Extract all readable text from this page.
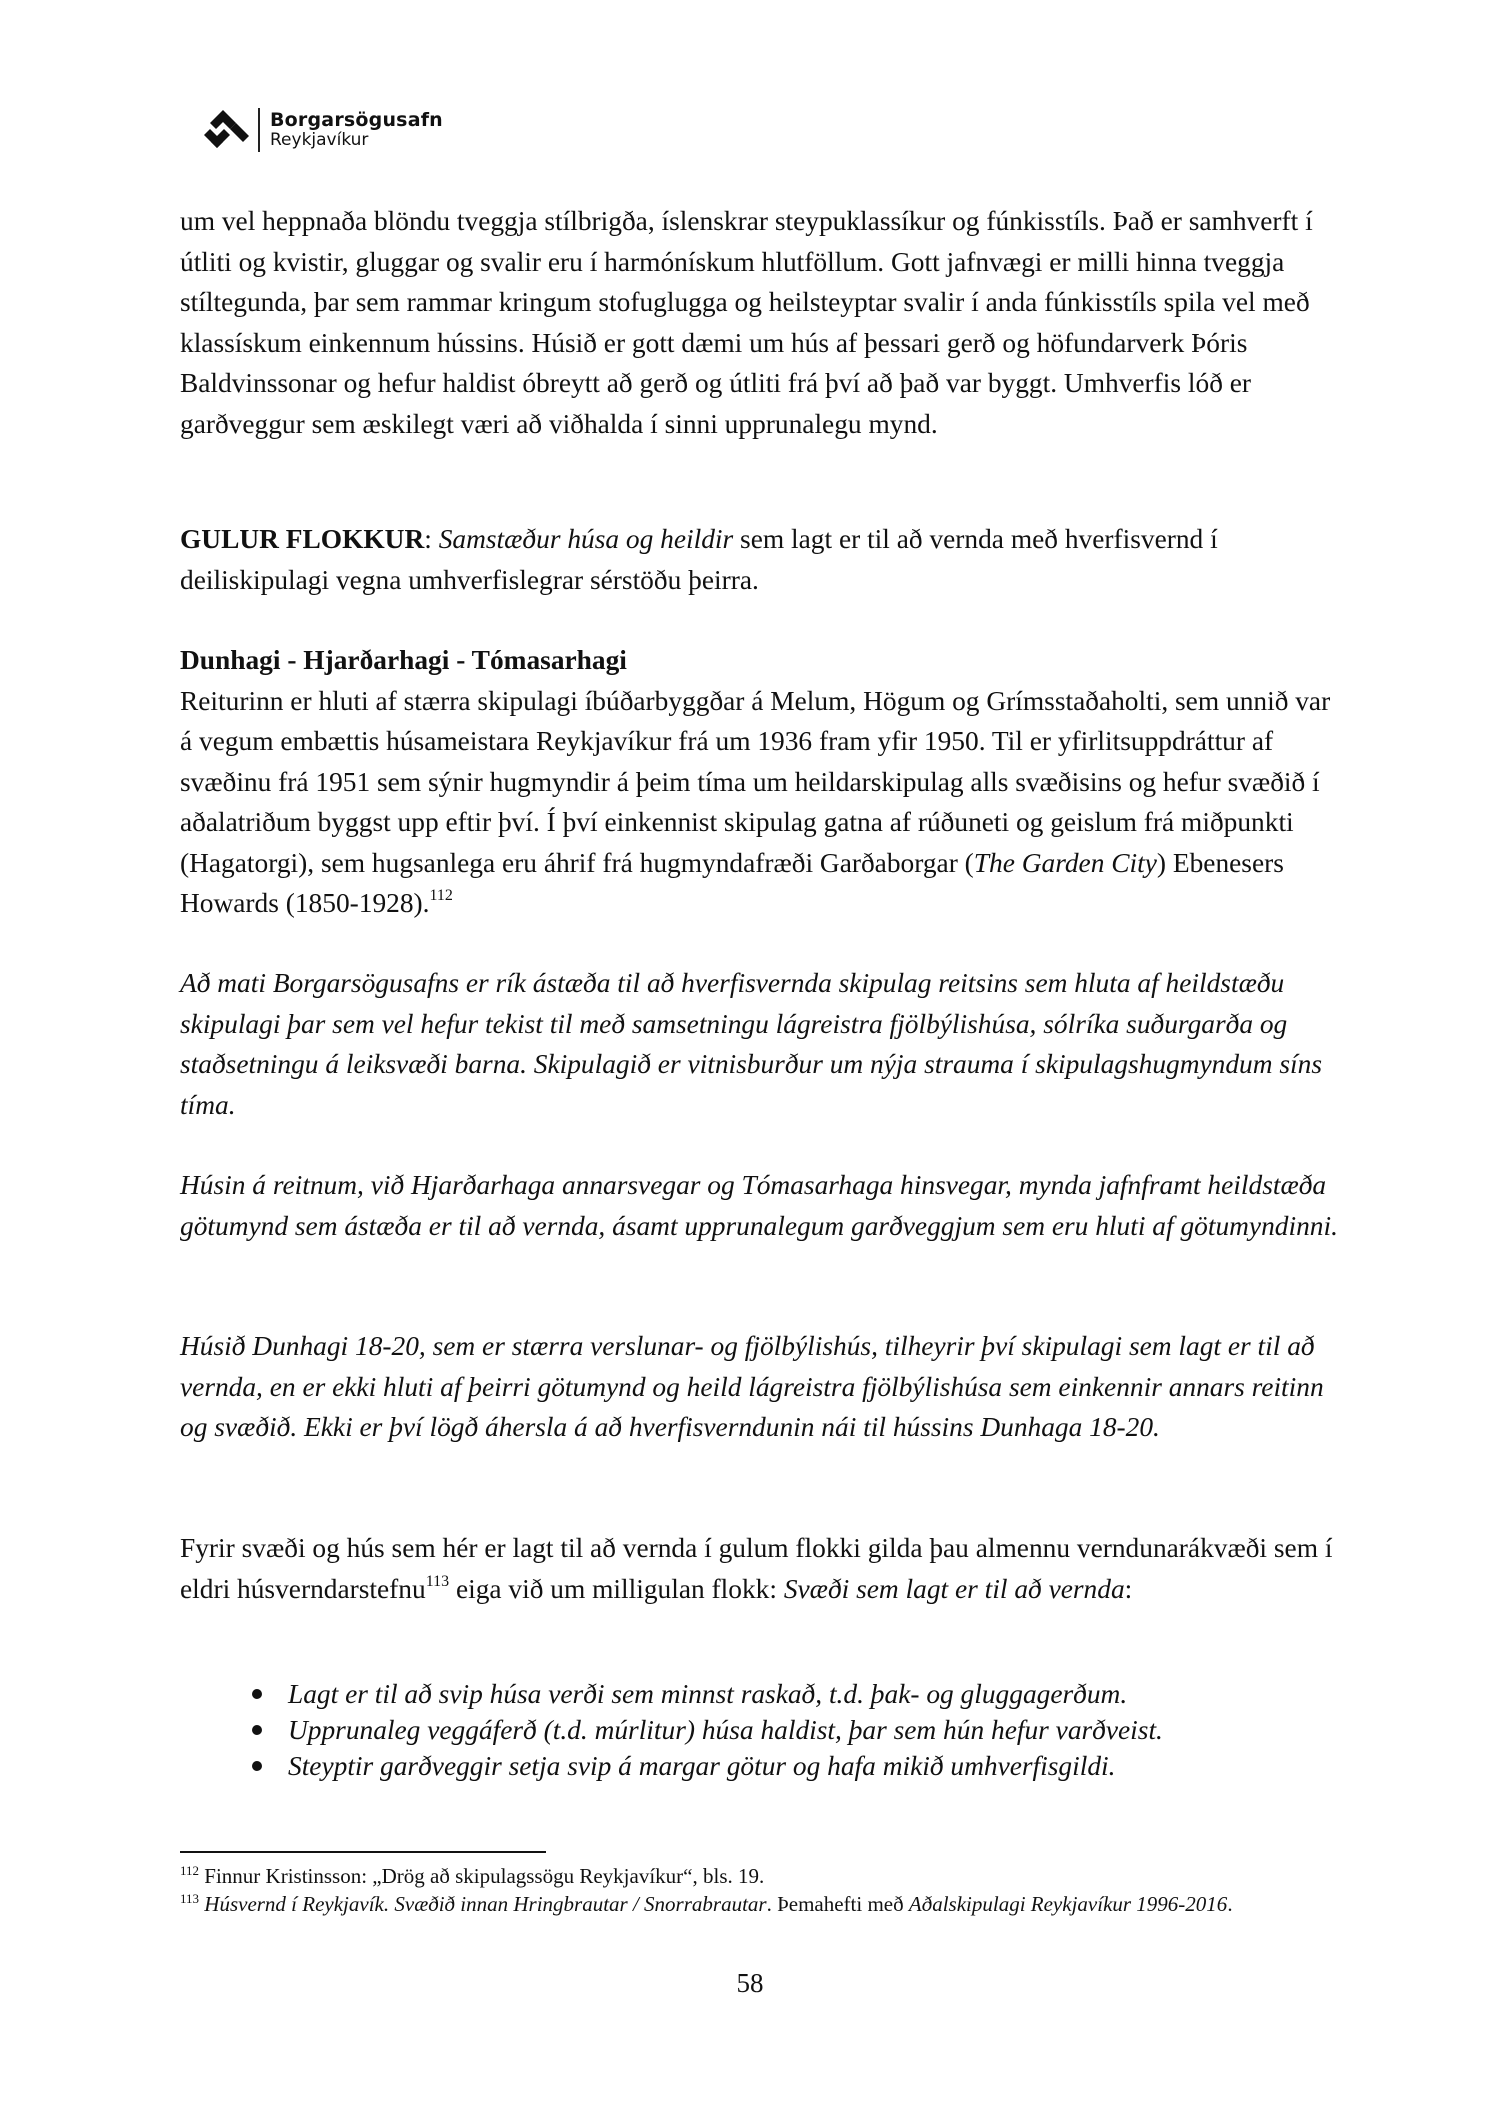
Borgarsögusafn
Reykjavíkur

um vel heppnaða blöndu tveggja stílbrigða, íslenskrar steypuklassíkur og fúnkisstíls. Það er samhverft í útliti og kvistir, gluggar og svalir eru í harmónískum hlutföllum. Gott jafnvægi er milli hinna tveggja stíltegunda, þar sem rammar kringum stofuglugga og heilsteyptar svalir í anda fúnkisstíls spila vel með klassískum einkennum hússins. Húsið er gott dæmi um hús af þessari gerð og höfundarverk Þóris Baldvinssonar og hefur haldist óbreytt að gerð og útliti frá því að það var byggt. Umhverfis lóð er garðveggur sem æskilegt væri að viðhalda í sinni upprunalegu mynd.

GULUR FLOKKUR: Samstæður húsa og heildir sem lagt er til að vernda með hverfisvernd í deiliskipulagi vegna umhverfislegrar sérstöðu þeirra.

Dunhagi - Hjarðarhagi - Tómasarhagi

Reiturinn er hluti af stærra skipulagi íbúðarbyggðar á Melum, Högum og Grímsstaðaholti, sem unnið var á vegum embættis húsameistara Reykjavíkur frá um 1936 fram yfir 1950. Til er yfirlitsuppdráttur af svæðinu frá 1951 sem sýnir hugmyndir á þeim tíma um heildarskipulag alls svæðisins og hefur svæðið í aðalatriðum byggst upp eftir því. Í því einkennist skipulag gatna af rúðuneti og geislum frá miðpunkti (Hagatorgi), sem hugsanlega eru áhrif frá hugmyndafræði Garðaborgar (The Garden City) Ebenesers Howards (1850-1928).$^{112}$

Að mati Borgarsögusafns er rík ástæða til að hverfisvernda skipulag reitsins sem hluta af heildstæðu skipulagi þar sem vel hefur tekist til með samsetningu lágreistra fjölbýlishúsa, sólríka suðurgarða og staðsetningu á leiksvæði barna. Skipulagið er vitnisburður um nýja strauma í skipulagshugmyndum síns tíma.

Húsin á reitnum, við Hjarðarhaga annarsvegar og Tómasarhaga hinsvegar, mynda jafnframt heildstæða götumynd sem ástæða er til að vernda, ásamt upprunalegum garðveggjum sem eru hluti af götumyndinni.

Húsið Dunhagi 18-20, sem er stærra verslunar- og fjölbýlishús, tilheyrir því skipulagi sem lagt er til að vernda, en er ekki hluti af þeirri götumynd og heild lágreistra fjölbýlishúsa sem einkennir annars reitinn og svæðið. Ekki er því lögð áhersla á að hverfisverndunin nái til hússins Dunhaga 18-20.

Fyrir svæði og hús sem hér er lagt til að vernda í gulum flokki gilda þau almennu verndunarákvæði sem í eldri húsverndarstefnu$^{113}$ eiga við um milligulan flokk: Svæði sem lagt er til að vernda:

Lagt er til að svip húsa verði sem minnst raskað, t.d. þak- og gluggagerðum.
Upprunaleg veggáferð (t.d. múrlitur) húsa haldist, þar sem hún hefur varðveist.
Steyptir garðveggir setja svip á margar götur og hafa mikið umhverfisgildi.

$^{112}$ Finnur Kristinsson: „Drög að skipulagssögu Reykjavíkur“, bls. 19.

$^{113}$ Húsvernd í Reykjavík. Svæðið innan Hringbrautar / Snorrabrautar. Þemahefti með Aðalskipulagi Reykjavíkur 1996-2016.

58
